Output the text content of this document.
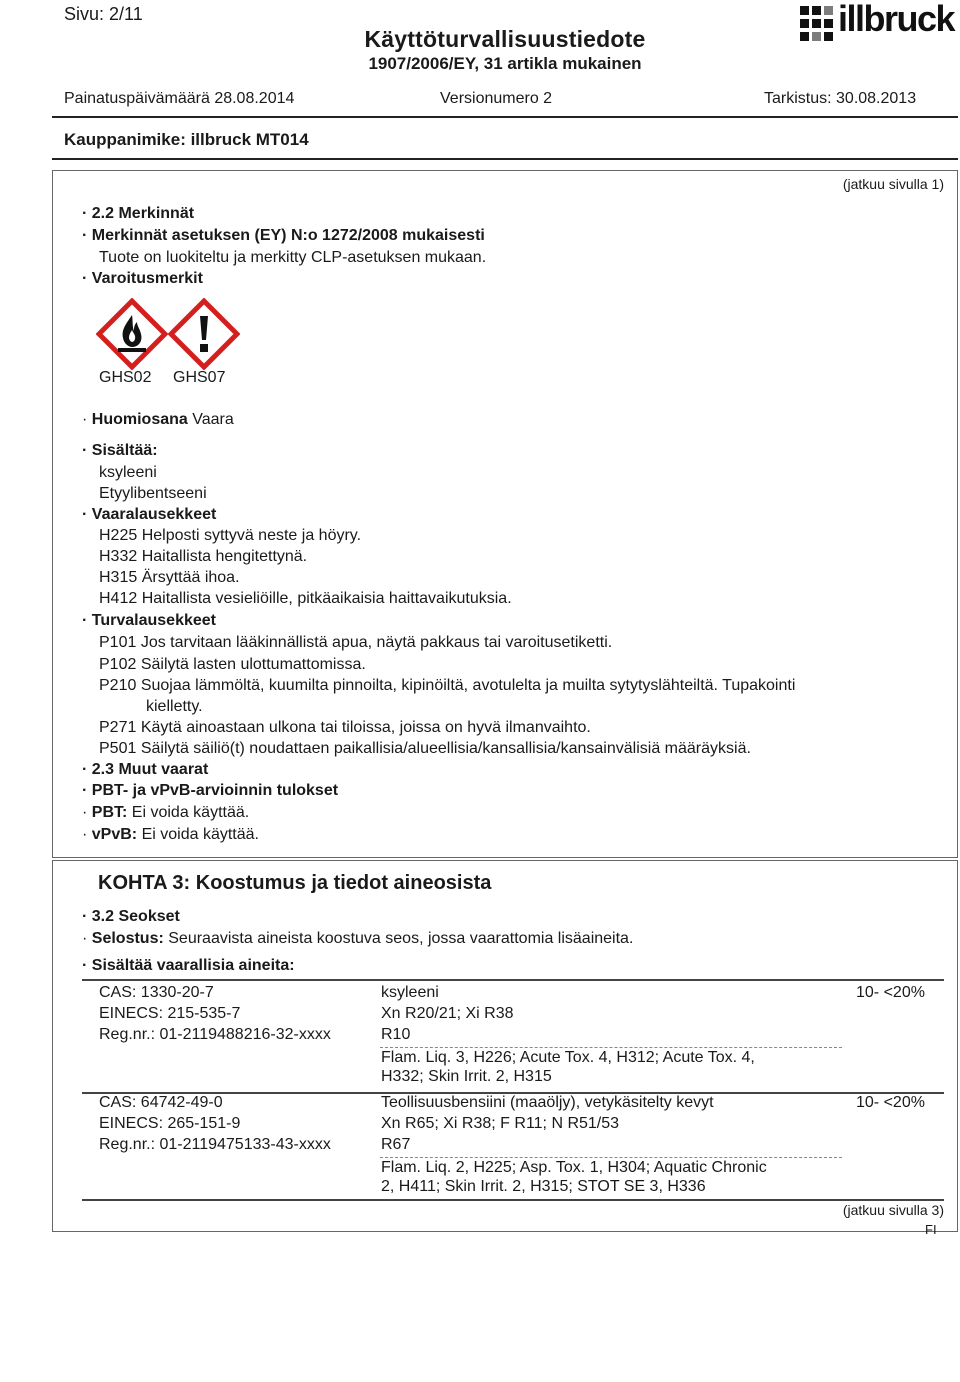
Sivu: 2/11
Käyttöturvallisuustiedote
1907/2006/EY, 31 artikla mukainen
illbruck
Painatuspäivämäärä 28.08.2014	Versionumero 2	Tarkistus: 30.08.2013
Kauppanimike: illbruck MT014
(jatkuu sivulla 1)
· 2.2 Merkinnät
· Merkinnät asetuksen (EY) N:o 1272/2008 mukaisesti
Tuote on luokiteltu ja merkitty CLP-asetuksen mukaan.
· Varoitusmerkit
GHS02 GHS07
· Huomiosana Vaara
· Sisältää:
ksyleeni
Etyylibentseeni
· Vaaralausekkeet
H225 Helposti syttyvä neste ja höyry.
H332 Haitallista hengitettynä.
H315 Ärsyttää ihoa.
H412 Haitallista vesieliöille, pitkäaikaisia haittavaikutuksia.
· Turvalausekkeet
P101 Jos tarvitaan lääkinnällistä apua, näytä pakkaus tai varoitusetiketti.
P102 Säilytä lasten ulottumattomissa.
P210 Suojaa lämmöltä, kuumilta pinnoilta, kipinöiltä, avotulelta ja muilta sytytyslähteiltä. Tupakointi
kielletty.
P271 Käytä ainoastaan ulkona tai tiloissa, joissa on hyvä ilmanvaihto.
P501 Säilytä säiliö(t) noudattaen paikallisia/alueellisia/kansallisia/kansainvälisiä määräyksiä.
· 2.3 Muut vaarat
· PBT- ja vPvB-arvioinnin tulokset
· PBT: Ei voida käyttää.
· vPvB: Ei voida käyttää.
KOHTA 3: Koostumus ja tiedot aineosista
· 3.2 Seokset
· Selostus: Seuraavista aineista koostuva seos, jossa vaarattomia lisäaineita.
· Sisältää vaarallisia aineita:
CAS: 1330-20-7
EINECS: 215-535-7
Reg.nr.: 01-2119488216-32-xxxx
ksyleeni
Xn R20/21; Xi R38
R10
Flam. Liq. 3, H226; Acute Tox. 4, H312; Acute Tox. 4,
H332; Skin Irrit. 2, H315
10- <20%
CAS: 64742-49-0
EINECS: 265-151-9
Reg.nr.: 01-2119475133-43-xxxx
Teollisuusbensiini (maaöljy), vetykäsitelty kevyt
Xn R65; Xi R38; F R11; N R51/53
R67
Flam. Liq. 2, H225; Asp. Tox. 1, H304; Aquatic Chronic
2, H411; Skin Irrit. 2, H315; STOT SE 3, H336
10- <20%
(jatkuu sivulla 3)
FI
